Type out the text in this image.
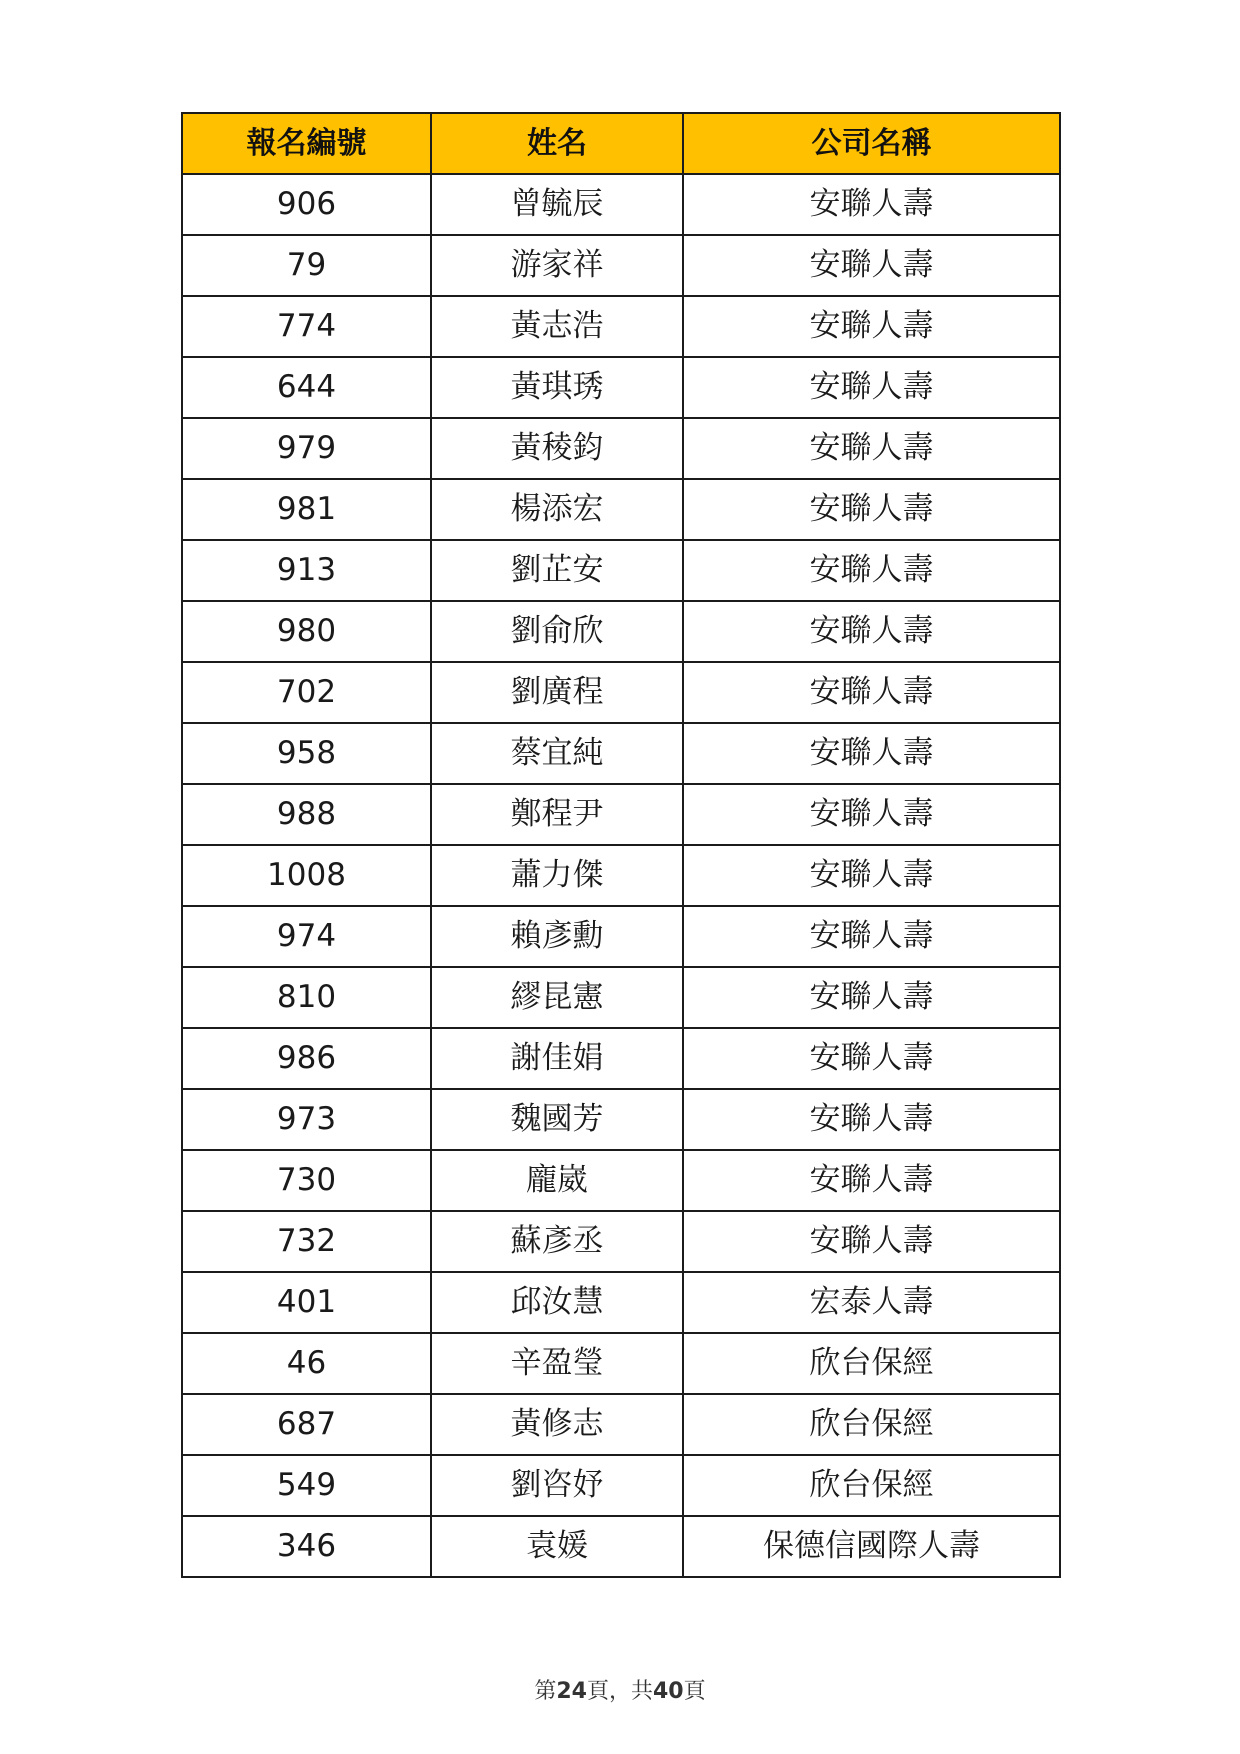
報名編號	姓名	公司名稱
906	曾毓辰	安聯人壽
79	游家祥	安聯人壽
774	黃志浩	安聯人壽
644	黃琪琇	安聯人壽
979	黃稜鈞	安聯人壽
981	楊添宏	安聯人壽
913	劉芷安	安聯人壽
980	劉俞欣	安聯人壽
702	劉廣程	安聯人壽
958	蔡宜純	安聯人壽
988	鄭程尹	安聯人壽
1008	蕭力傑	安聯人壽
974	賴彥勳	安聯人壽
810	繆昆憲	安聯人壽
986	謝佳娟	安聯人壽
973	魏國芳	安聯人壽
730	龐崴	安聯人壽
732	蘇彥丞	安聯人壽
401	邱汝慧	宏泰人壽
46	辛盈瑩	欣台保經
687	黃修志	欣台保經
549	劉咨妤	欣台保經
346	袁媛	保德信國際人壽
第24頁，共40頁
